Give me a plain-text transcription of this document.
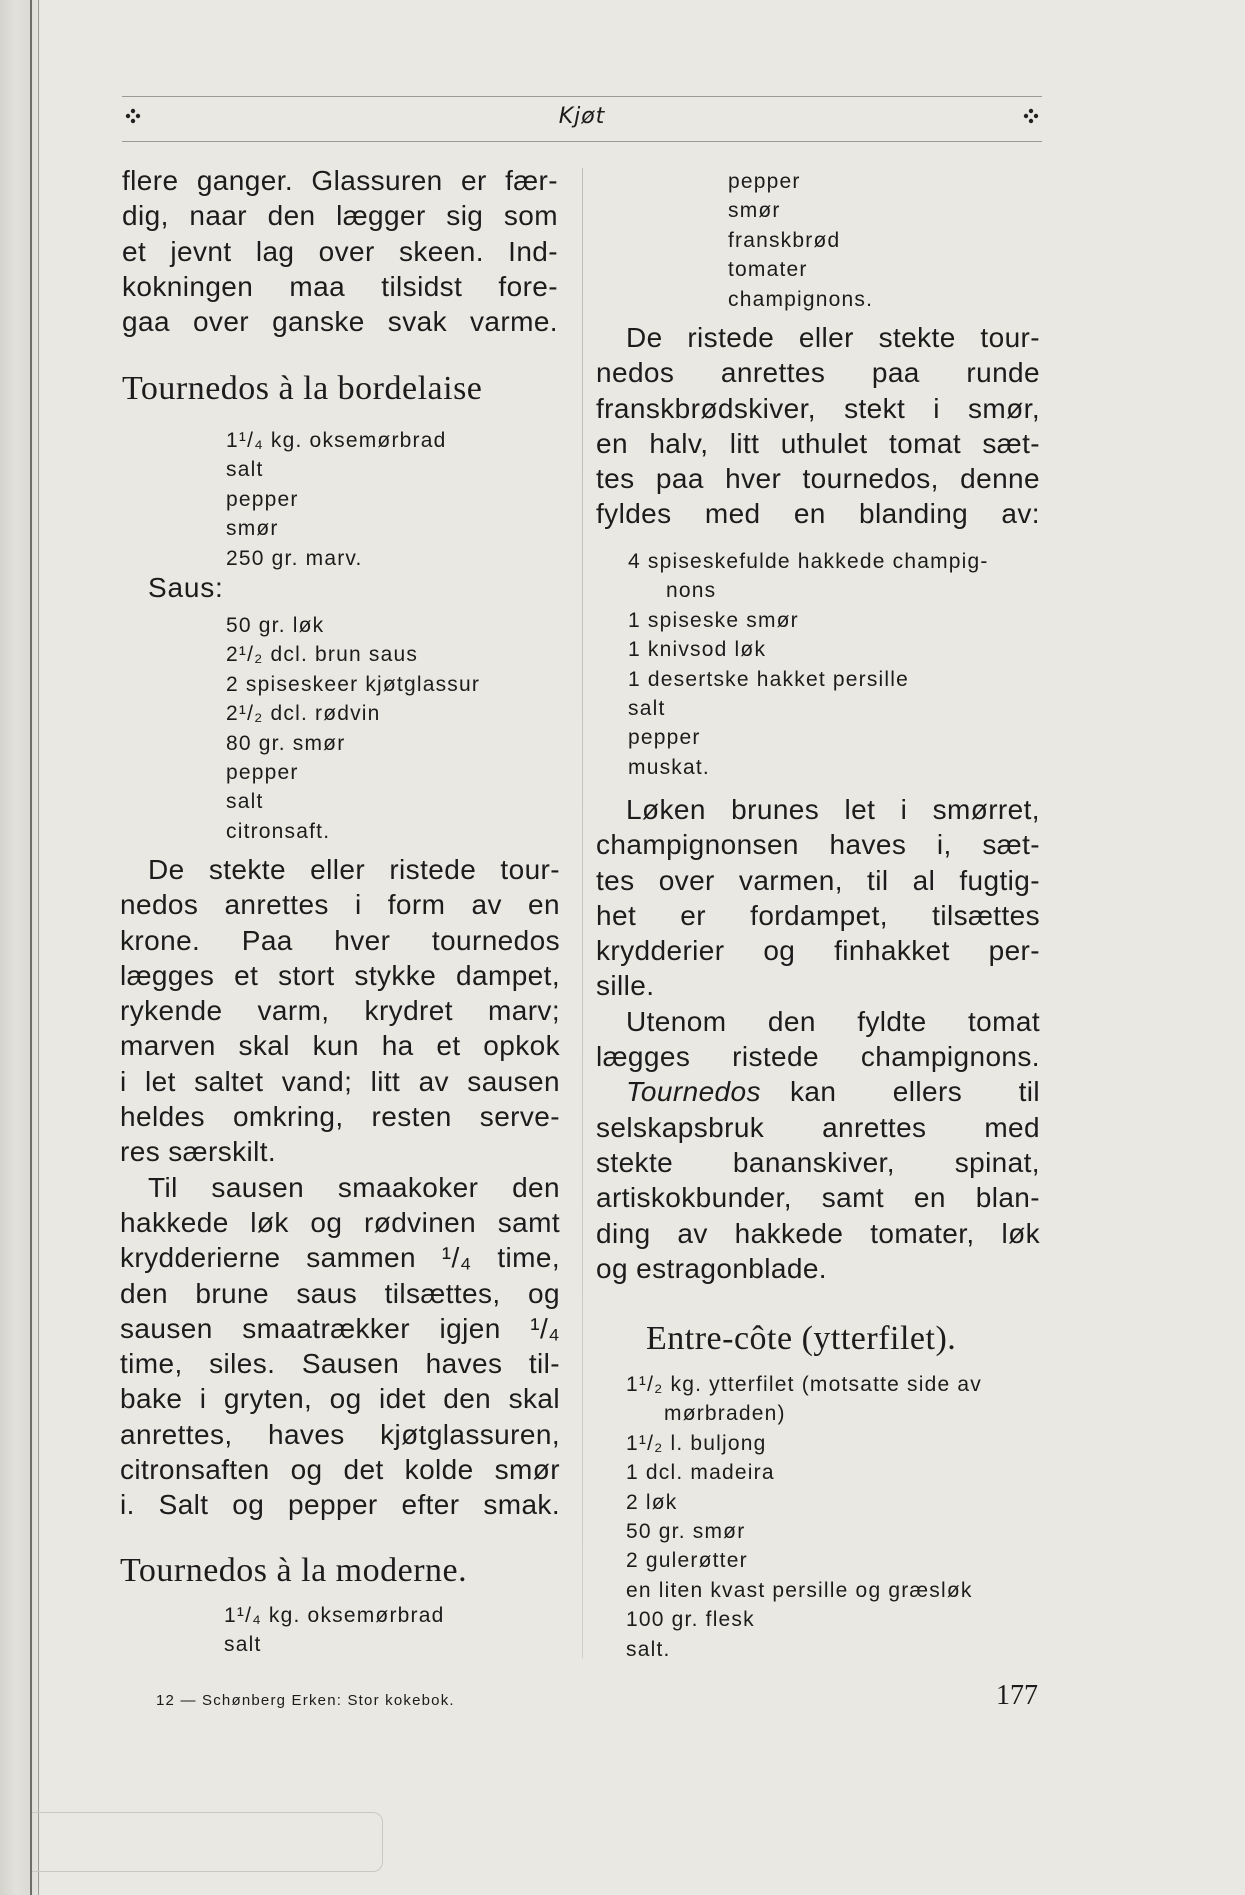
Kjøt
flere ganger. Glassuren er fær-
dig, naar den lægger sig som
et jevnt lag over skeen. Ind-
kokningen maa tilsidst fore-
gaa over ganske svak varme.
Tournedos à la bordelaise
1¹/₄ kg. oksemørbrad
salt
pepper
smør
250 gr. marv.
Saus:
50 gr. løk
2¹/₂ dcl. brun saus
2 spiseskeer kjøtglassur
2¹/₂ dcl. rødvin
80 gr. smør
pepper
salt
citronsaft.
De stekte eller ristede tour-
nedos anrettes i form av en
krone. Paa hver tournedos
lægges et stort stykke dampet,
rykende varm, krydret marv;
marven skal kun ha et opkok
i let saltet vand; litt av sausen
heldes omkring, resten serve-
res særskilt.
Til sausen smaakoker den
hakkede løk og rødvinen samt
krydderierne sammen ¹/₄ time,
den brune saus tilsættes, og
sausen smaatrækker igjen ¹/₄
time, siles. Sausen haves til-
bake i gryten, og idet den skal
anrettes, haves kjøtglassuren,
citronsaften og det kolde smør
i. Salt og pepper efter smak.
Tournedos à la moderne.
1¹/₄ kg. oksemørbrad
salt
pepper
smør
franskbrød
tomater
champignons.
De ristede eller stekte tour-
nedos anrettes paa runde
franskbrødskiver, stekt i smør,
en halv, litt uthulet tomat sæt-
tes paa hver tournedos, denne
fyldes med en blanding av:
4 spiseskefulde hakkede champig-
nons
1 spiseske smør
1 knivsod løk
1 desertske hakket persille
salt
pepper
muskat.
Løken brunes let i smørret,
champignonsen haves i, sæt-
tes over varmen, til al fugtig-
het er fordampet, tilsættes
krydderier og finhakket per-
sille.
Utenom den fyldte tomat
lægges ristede champignons.
Tournedos kan ellers til
selskapsbruk anrettes med
stekte bananskiver, spinat,
artiskokbunder, samt en blan-
ding av hakkede tomater, løk
og estragonblade.
Entre-côte (ytterfilet).
1¹/₂ kg. ytterfilet (motsatte side av
mørbraden)
1¹/₂ l. buljong
1 dcl. madeira
2 løk
50 gr. smør
2 gulerøtter
en liten kvast persille og græsløk
100 gr. flesk
salt.
12 — Schønberg Erken: Stor kokebok.	177
